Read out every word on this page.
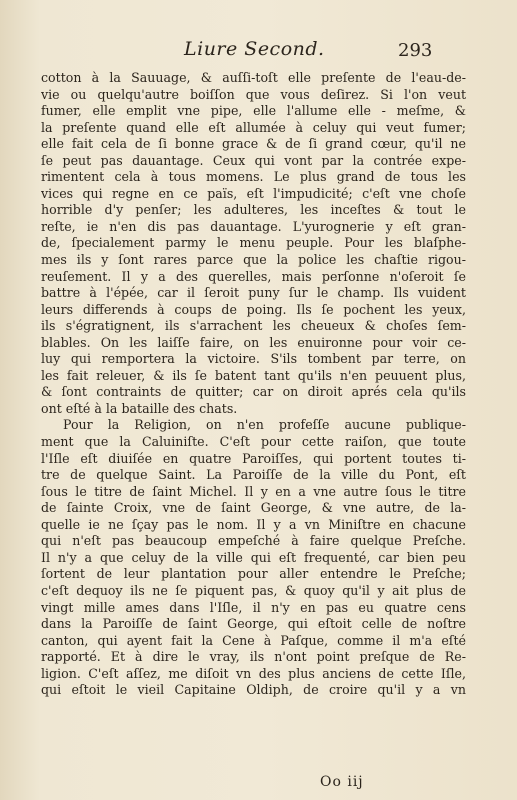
Liure Second.	293
cotton à la Sauuage, & auſſi-toſt elle preſente de l'eau-de-
vie ou quelqu'autre boiſſon que vous deſirez. Si l'on veut
fumer, elle emplit vne pipe, elle l'allume elle - meſme, &
la preſente quand elle eſt allumée à celuy qui veut fumer;
elle fait cela de ſi bonne grace & de ſi grand cœur, qu'il ne
ſe peut pas dauantage. Ceux qui vont par la contrée expe-
rimentent cela à tous momens. Le plus grand de tous les
vices qui regne en ce païs, eſt l'impudicité; c'eſt vne choſe
horrible d'y penſer; les adulteres, les inceſtes & tout le
reſte, ie n'en dis pas dauantage. L'yurognerie y eſt gran-
de, ſpecialement parmy le menu peuple. Pour les blaſphe-
mes ils y ſont rares parce que la police les chaſtie rigou-
reuſement. Il y a des querelles, mais perſonne n'oſeroit ſe
battre à l'épée, car il ſeroit puny ſur le champ. Ils vuident
leurs differends à coups de poing. Ils ſe pochent les yeux,
ils s'égratignent, ils s'arrachent les cheueux & choſes ſem-
blables. On les laiſſe faire, on les enuironne pour voir ce-
luy qui remportera la victoire. S'ils tombent par terre, on
les fait releuer, & ils ſe batent tant qu'ils n'en peuuent plus,
& ſont contraints de quitter; car on diroit aprés cela qu'ils
ont eſté à la bataille des chats.
Pour la Religion, on n'en profeſſe aucune publique-
ment que la Caluiniſte. C'eſt pour cette raiſon, que toute
l'Iſle eſt diuiſée en quatre Paroiſſes, qui portent toutes ti-
tre de quelque Saint. La Paroiſſe de la ville du Pont, eſt
ſous le titre de ſaint Michel. Il y en a vne autre ſous le titre
de ſainte Croix, vne de ſaint George, & vne autre, de la-
quelle ie ne ſçay pas le nom. Il y a vn Miniſtre en chacune
qui n'eſt pas beaucoup empeſché à faire quelque Preſche.
Il n'y a que celuy de la ville qui eſt frequenté, car bien peu
ſortent de leur plantation pour aller entendre le Preſche;
c'eſt dequoy ils ne ſe piquent pas, & quoy qu'il y ait plus de
vingt mille ames dans l'Iſle, il n'y en pas eu quatre cens
dans la Paroiſſe de ſaint George, qui eſtoit celle de noſtre
canton, qui ayent fait la Cene à Paſque, comme il m'a eſté
rapporté. Et à dire le vray, ils n'ont point preſque de Re-
ligion. C'eſt aſſez, me diſoit vn des plus anciens de cette Iſle,
qui eſtoit le vieil Capitaine Oldiph, de croire qu'il y a vn
Oo iij
